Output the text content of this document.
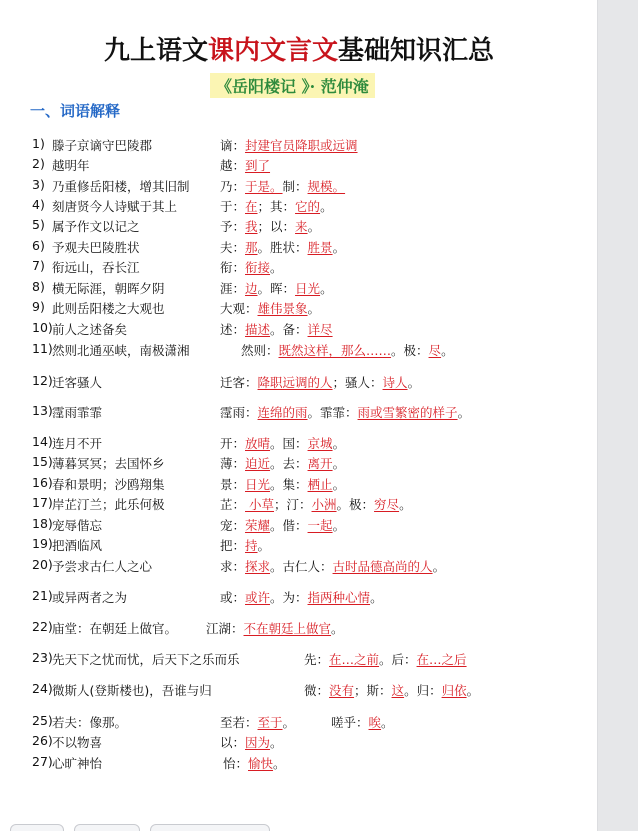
九上语文课内文言文基础知识汇总
《岳阳楼记 》· 范仲淹
一、词语解释
1) 滕子京谪守巴陵郡	谪：封建官员降职或远调
2) 越明年	越：到了
3) 乃重修岳阳楼，增其旧制 乃：于是。制：规模。
4) 刻唐贤今人诗赋于其上	于：在；其：它的。
5) 属予作文以记之	予：我；以：来。
6) 予观夫巴陵胜状	夫：那。胜状：胜景。
7) 衔远山，吞长江	衔：衔接。
8) 横无际涯，朝晖夕阴	涯：边。晖：日光。
9) 此则岳阳楼之大观也	大观：雄伟景象。
10) 前人之述备矣	述：描述。备：详尽
11) 然则北通巫峡，南极潇湘	然则：既然这样，那么……。极：尽。
12) 迁客骚人	迁客：降职远调的人；骚人：诗人。
13) 霪雨霏霏	霪雨：连绵的雨。霏霏：雨或雪繁密的样子。
14) 连月不开	开：放晴。国：京城。
15) 薄暮冥冥；去国怀乡	薄：迫近。去：离开。
16) 春和景明；沙鸥翔集	景：日光。集：栖止。
17) 岸芷汀兰；此乐何极	芷： 小草；汀：小洲。极：穷尽。
18) 宠辱偕忘	宠：荣耀。偕：一起。
19) 把酒临风	把：持。
20) 予尝求古仁人之心	求：探求。古仁人：古时品德高尚的人。
21) 或异两者之为	或：或许。为：指两种心情。
22) 庙堂：在朝廷上做官。 江湖：不在朝廷上做官。
23) 先天下之忧而忧，后天下之乐而乐	先：在…之前。后：在…之后
24) 微斯人(登斯楼也)，吾谁与归	微：没有；斯：这。归：归依。
25) 若夫：像那。	至若：至于。	嗟乎：唉。
26) 不以物喜	以：因为。
27) 心旷神怡	怡：愉快。
